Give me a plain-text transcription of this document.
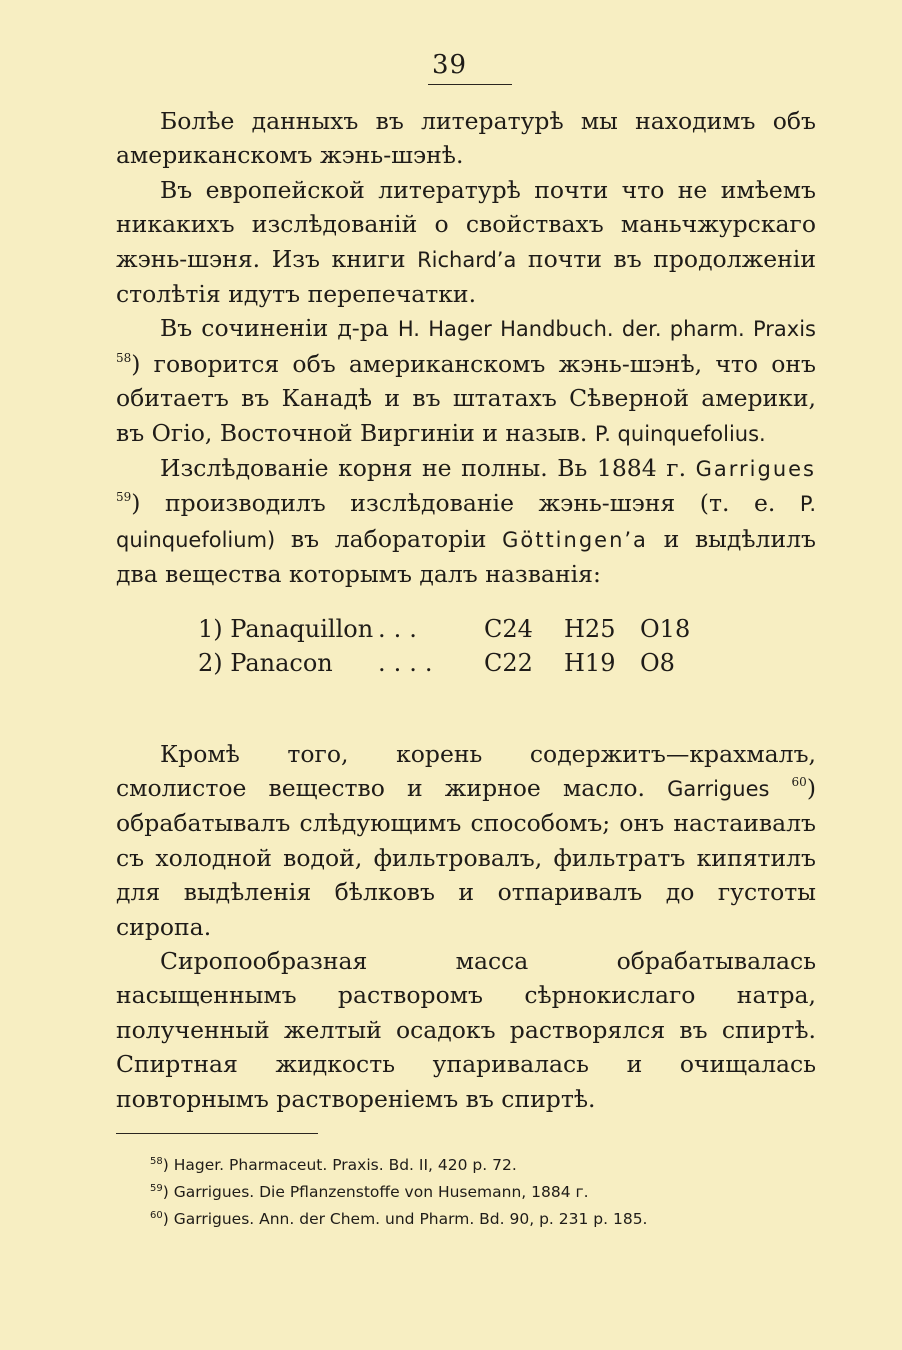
39

Болѣе данныхъ въ литературѣ мы находимъ объ американскомъ жэнь-шэнѣ.

Въ европейской литературѣ почти что не имѣемъ никакихъ изслѣдованій о свойствахъ маньчжурскаго жэнь-шэня. Изъ книги Richard’a почти въ продолженіи столѣтія идутъ перепечатки.

Въ сочиненіи д-ра H. Hager Handbuch. der. pharm. Praxis $^{58}$) говорится объ американскомъ жэнь-шэнѣ, что онъ обитаетъ въ Канадѣ и въ штатахъ Сѣверной америки, въ Огіо, Восточной Виргиніи и назыв. P. quinquefolius.

Изслѣдованіе корня не полны. Вь 1884 г. Garrigues $^{59}$) производилъ изслѣдованіе жэнь-шэня (т. е. P. quinquefolium) въ лабораторіи Göttingen’a и выдѣлилъ два вещества которымъ далъ названія:

1) Panaquillon	...	C24	H25	O18
2) Panacon	....	C22	H19	O8

Кромѣ того, корень содержитъ—крахмалъ, смолистое вещество и жирное масло. Garrigues $^{60}$) обрабатывалъ слѣдующимъ способомъ; онъ настаивалъ съ холодной водой, фильтровалъ, фильтратъ кипятилъ для выдѣленія бѣлковъ и отпаривалъ до густоты сиропа.

Сиропообразная масса обрабатывалась насыщеннымъ растворомъ сѣрнокислаго натра, полученный желтый осадокъ растворялся въ спиртѣ. Спиртная жидкость упаривалась и очищалась повторнымъ раствореніемъ въ спиртѣ.

$^{58}$) Hager. Pharmaceut. Praxis. Bd. II, 420 p. 72.
$^{59}$) Garrigues. Die Pflanzenstoffe von Husemann, 1884 г.
$^{60}$) Garrigues. Ann. der Chem. und Pharm. Bd. 90, p. 231 p. 185.
